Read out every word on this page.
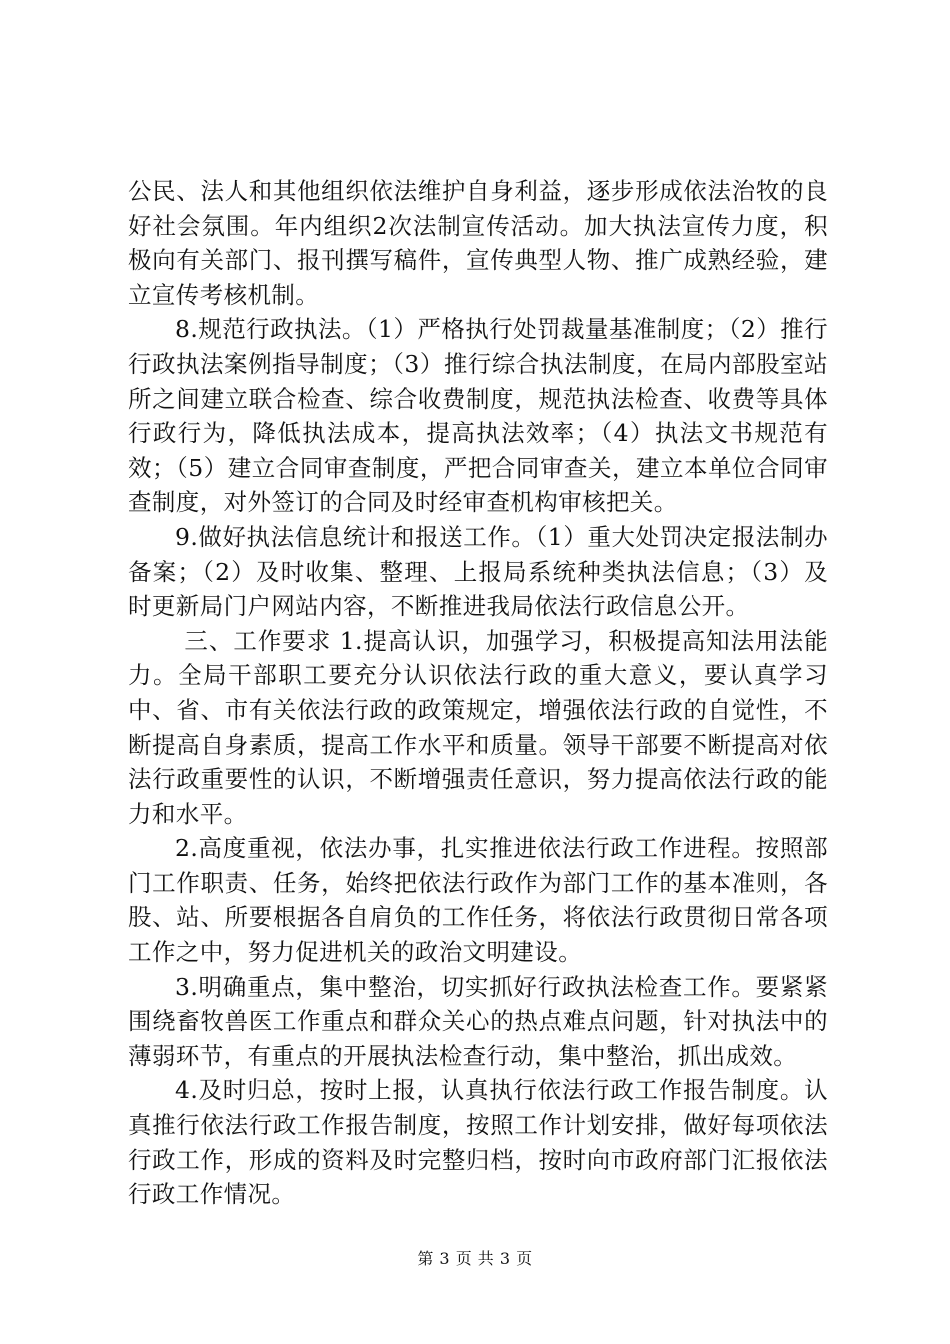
公民、法人和其他组织依法维护自身利益，逐步形成依法治牧的良好社会氛围。年内组织2次法制宣传活动。加大执法宣传力度，积极向有关部门、报刊撰写稿件，宣传典型人物、推广成熟经验，建立宣传考核机制。

8.规范行政执法。（1）严格执行处罚裁量基准制度；（2）推行行政执法案例指导制度；（3）推行综合执法制度，在局内部股室站所之间建立联合检查、综合收费制度，规范执法检查、收费等具体行政行为，降低执法成本，提高执法效率；（4）执法文书规范有效；（5）建立合同审查制度，严把合同审查关，建立本单位合同审查制度，对外签订的合同及时经审查机构审核把关。

9.做好执法信息统计和报送工作。（1）重大处罚决定报法制办备案；（2）及时收集、整理、上报局系统种类执法信息；（3）及时更新局门户网站内容，不断推进我局依法行政信息公开。

三、工作要求 1.提高认识，加强学习，积极提高知法用法能力。全局干部职工要充分认识依法行政的重大意义，要认真学习中、省、市有关依法行政的政策规定，增强依法行政的自觉性，不断提高自身素质，提高工作水平和质量。领导干部要不断提高对依法行政重要性的认识，不断增强责任意识，努力提高依法行政的能力和水平。

2.高度重视，依法办事，扎实推进依法行政工作进程。按照部门工作职责、任务，始终把依法行政作为部门工作的基本准则，各股、站、所要根据各自肩负的工作任务，将依法行政贯彻日常各项工作之中，努力促进机关的政治文明建设。

3.明确重点，集中整治，切实抓好行政执法检查工作。要紧紧围绕畜牧兽医工作重点和群众关心的热点难点问题，针对执法中的薄弱环节，有重点的开展执法检查行动，集中整治，抓出成效。

4.及时归总，按时上报，认真执行依法行政工作报告制度。认真推行依法行政工作报告制度，按照工作计划安排，做好每项依法行政工作，形成的资料及时完整归档，按时向市政府部门汇报依法行政工作情况。

第 3 页 共 3 页
